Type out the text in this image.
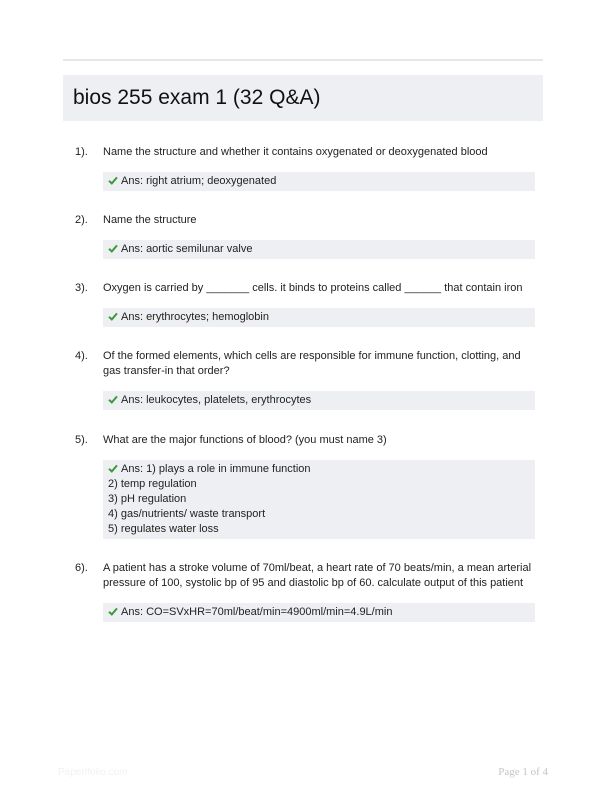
bios 255 exam 1 (32 Q&A)
1).	Name the structure and whether it contains oxygenated or deoxygenated blood
Ans: right atrium; deoxygenated
2).	Name the structure
Ans: aortic semilunar valve
3).	Oxygen is carried by _______ cells. it binds to proteins called ______ that contain iron
Ans: erythrocytes; hemoglobin
4).	Of the formed elements, which cells are responsible for immune function, clotting, and gas transfer-in that order?
Ans: leukocytes, platelets, erythrocytes
5).	What are the major functions of blood? (you must name 3)
Ans: 1) plays a role in immune function
2) temp regulation
3) pH regulation
4) gas/nutrients/ waste transport
5) regulates water loss
6).	A patient has a stroke volume of 70ml/beat, a heart rate of 70 beats/min, a mean arterial pressure of 100, systolic bp of 95 and diastolic bp of 60. calculate output of this patient
Ans: CO=SVxHR=70ml/beat/min=4900ml/min=4.9L/min
Papertfolio.com	Page 1 of 4
